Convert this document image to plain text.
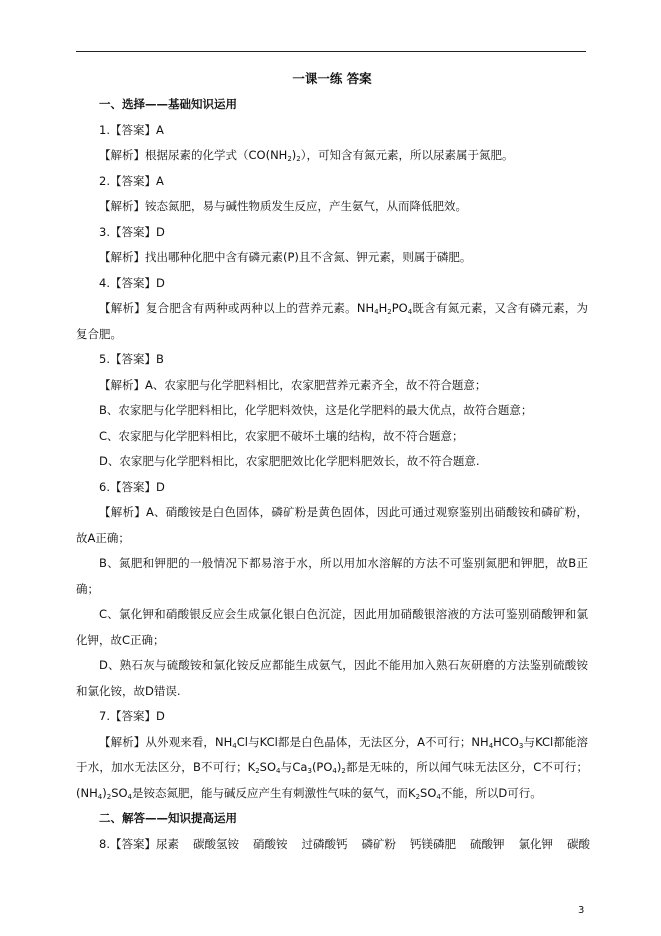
一课一练 答案
一、选择——基础知识运用
1.【答案】A
【解析】根据尿素的化学式$(CO(NH_2)_2)$，可知含有氮元素，所以尿素属于氮肥。
2.【答案】A
【解析】铵态氮肥，易与碱性物质发生反应，产生氨气，从而降低肥效。
3.【答案】D
【解析】找出哪种化肥中含有磷元素(P)且不含氮、钾元素，则属于磷肥。
4.【答案】D
【解析】复合肥含有两种或两种以上的营养元素。$NH_4H_2PO_4$既含有氮元素，又含有磷元素，为复合肥。
5.【答案】B
【解析】A、农家肥与化学肥料相比，农家肥营养元素齐全，故不符合题意；
B、农家肥与化学肥料相比，化学肥料效快，这是化学肥料的最大优点，故符合题意；
C、农家肥与化学肥料相比，农家肥不破坏土壤的结构，故不符合题意；
D、农家肥与化学肥料相比，农家肥肥效比化学肥料肥效长，故不符合题意.
6.【答案】D
【解析】A、硝酸铵是白色固体，磷矿粉是黄色固体，因此可通过观察鉴别出硝酸铵和磷矿粉，故A正确；
B、氮肥和钾肥的一般情况下都易溶于水，所以用加水溶解的方法不可鉴别氮肥和钾肥，故B正确；
C、氯化钾和硝酸银反应会生成氯化银白色沉淀，因此用加硝酸银溶液的方法可鉴别硝酸钾和氯化钾，故C正确；
D、熟石灰与硫酸铵和氯化铵反应都能生成氨气，因此不能用加入熟石灰研磨的方法鉴别硫酸铵和氯化铵，故D错误.
7.【答案】D
【解析】从外观来看，$NH_4Cl$与KCl都是白色晶体，无法区分，A不可行；$NH_4HCO_3$与KCl都能溶于水，加水无法区分，B不可行；$K_2SO_4$与$Ca_3(PO_4)_2$都是无味的，所以闻气味无法区分，C不可行；$(NH_4)_2SO_4$是铵态氮肥，能与碱反应产生有刺激性气味的氨气，而$K_2SO_4$不能，所以D可行。
二、解答——知识提高运用
8.【答案】尿素 碳酸氢铵 硝酸铵 过磷酸钙 磷矿粉 钙镁磷肥 硫酸钾 氯化钾 碳酸
3
